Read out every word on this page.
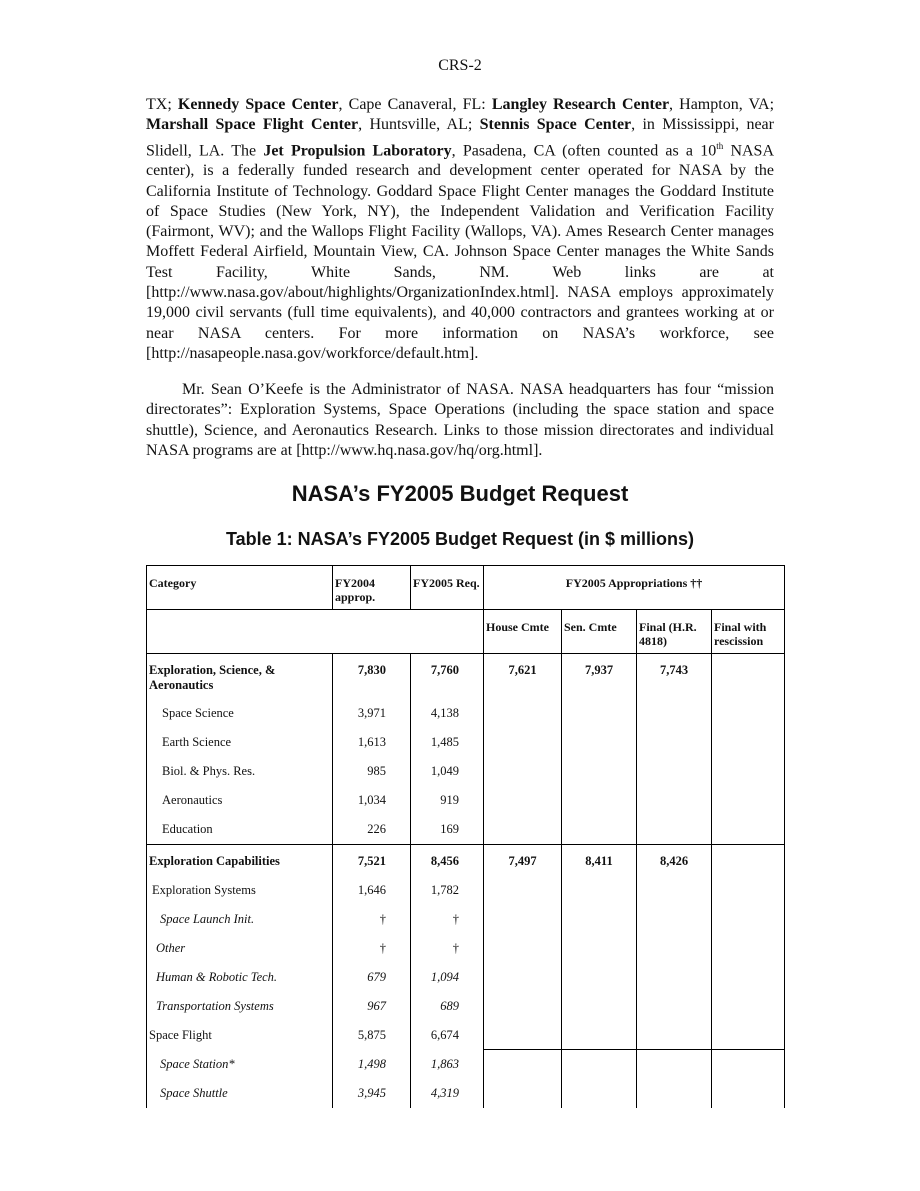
CRS-2

TX; Kennedy Space Center, Cape Canaveral, FL: Langley Research Center, Hampton, VA; Marshall Space Flight Center, Huntsville, AL; Stennis Space Center, in Mississippi, near Slidell, LA. The Jet Propulsion Laboratory, Pasadena, CA (often counted as a 10th NASA center), is a federally funded research and development center operated for NASA by the California Institute of Technology. Goddard Space Flight Center manages the Goddard Institute of Space Studies (New York, NY), the Independent Validation and Verification Facility (Fairmont, WV); and the Wallops Flight Facility (Wallops, VA). Ames Research Center manages Moffett Federal Airfield, Mountain View, CA. Johnson Space Center manages the White Sands Test Facility, White Sands, NM. Web links are at [http://www.nasa.gov/about/highlights/OrganizationIndex.html]. NASA employs approximately 19,000 civil servants (full time equivalents), and 40,000 contractors and grantees working at or near NASA centers. For more information on NASA’s workforce, see [http://nasapeople.nasa.gov/workforce/default.htm].

Mr. Sean O’Keefe is the Administrator of NASA. NASA headquarters has four “mission directorates”: Exploration Systems, Space Operations (including the space station and space shuttle), Science, and Aeronautics Research. Links to those mission directorates and individual NASA programs are at [http://www.hq.nasa.gov/hq/org.html].

NASA’s FY2005 Budget Request
Table 1: NASA’s FY2005 Budget Request (in $ millions)
Category	FY2004 approp.	FY2005 Req.	FY2005 Appropriations ††			
			House Cmte	Sen. Cmte	Final (H.R. 4818)	Final with rescission
Exploration, Science, & Aeronautics	7,830	7,760	7,621	7,937	7,743	
Space Science	3,971	4,138				
Earth Science	1,613	1,485				
Biol. & Phys. Res.	985	1,049				
Aeronautics	1,034	919				
Education	226	169				
Exploration Capabilities	7,521	8,456	7,497	8,411	8,426	
Exploration Systems	1,646	1,782				
Space Launch Init.	†	†				
Other	†	†				
Human & Robotic Tech.	679	1,094				
Transportation Systems	967	689				
Space Flight	5,875	6,674				
Space Station*	1,498	1,863				
Space Shuttle	3,945	4,319				
